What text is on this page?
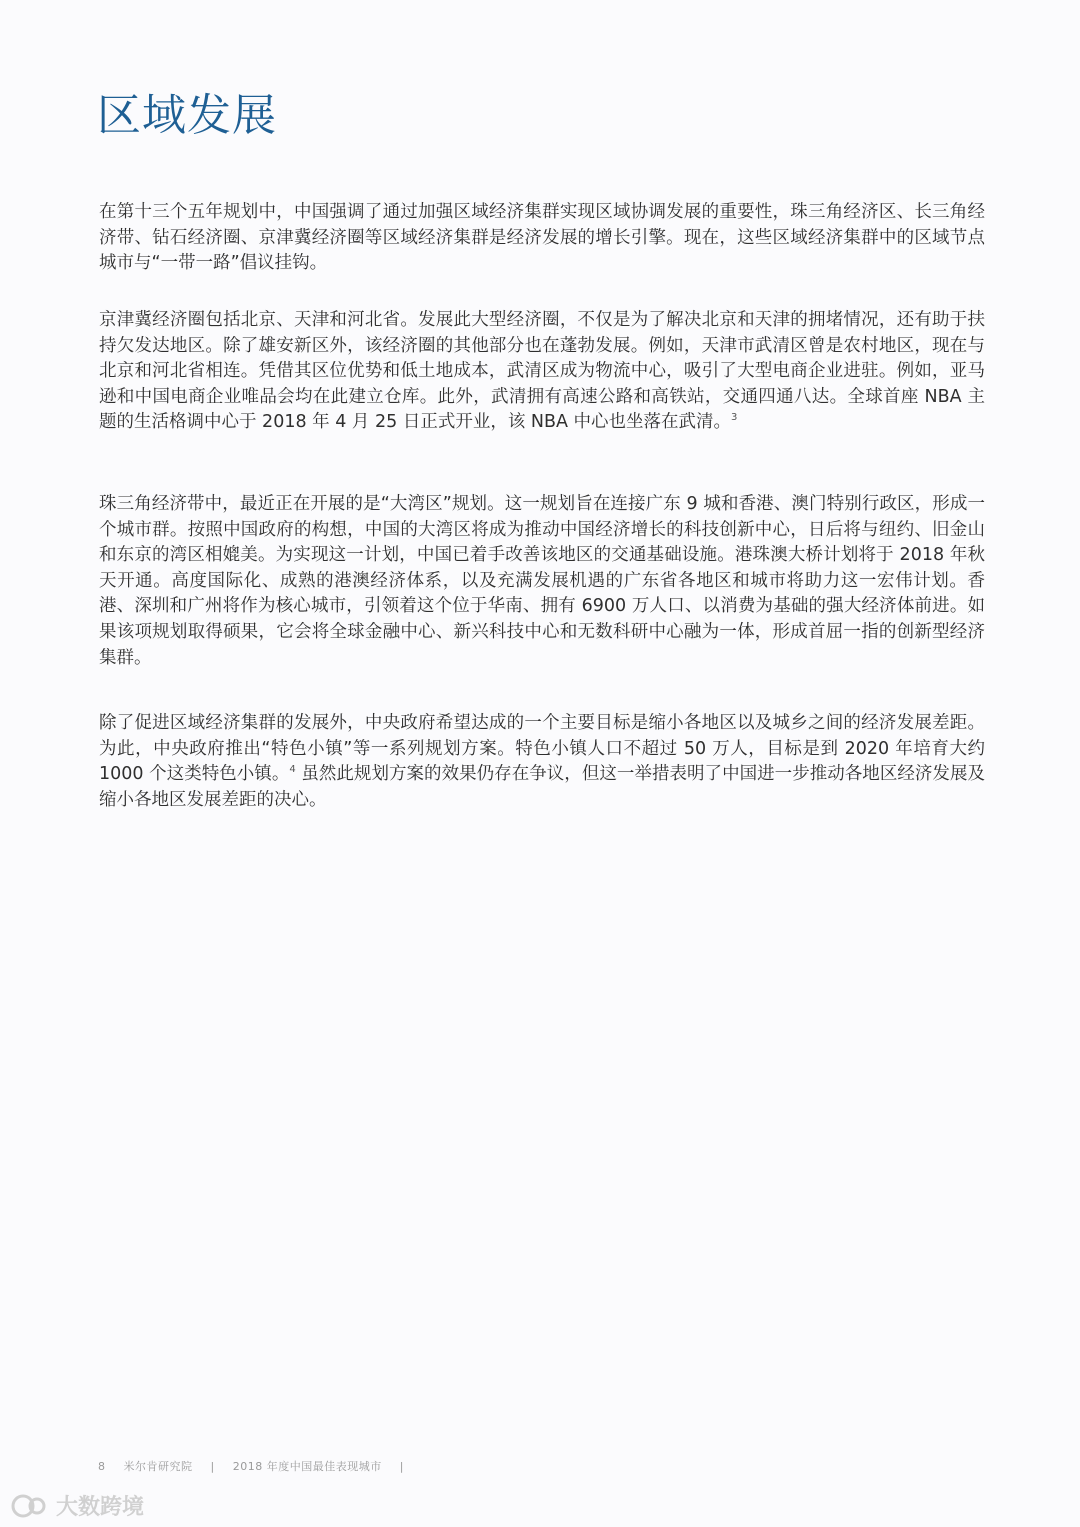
区域发展

在第十三个五年规划中，中国强调了通过加强区域经济集群实现区域协调发展的重要性，珠三角经济区、长三角经济带、钻石经济圈、京津冀经济圈等区域经济集群是经济发展的增长引擎。现在，这些区域经济集群中的区域节点城市与“一带一路”倡议挂钩。

京津冀经济圈包括北京、天津和河北省。发展此大型经济圈，不仅是为了解决北京和天津的拥堵情况，还有助于扶持欠发达地区。除了雄安新区外，该经济圈的其他部分也在蓬勃发展。例如，天津市武清区曾是农村地区，现在与北京和河北省相连。凭借其区位优势和低土地成本，武清区成为物流中心，吸引了大型电商企业进驻。例如，亚马逊和中国电商企业唯品会均在此建立仓库。此外，武清拥有高速公路和高铁站，交通四通八达。全球首座 NBA 主题的生活格调中心于 2018 年 4 月 25 日正式开业，该 NBA 中心也坐落在武清。$^3$

珠三角经济带中，最近正在开展的是“大湾区”规划。这一规划旨在连接广东 9 城和香港、澳门特别行政区，形成一个城市群。按照中国政府的构想，中国的大湾区将成为推动中国经济增长的科技创新中心，日后将与纽约、旧金山和东京的湾区相媲美。为实现这一计划，中国已着手改善该地区的交通基础设施。港珠澳大桥计划将于 2018 年秋天开通。高度国际化、成熟的港澳经济体系，以及充满发展机遇的广东省各地区和城市将助力这一宏伟计划。香港、深圳和广州将作为核心城市，引领着这个位于华南、拥有 6900 万人口、以消费为基础的强大经济体前进。如果该项规划取得硕果，它会将全球金融中心、新兴科技中心和无数科研中心融为一体，形成首屈一指的创新型经济集群。

除了促进区域经济集群的发展外，中央政府希望达成的一个主要目标是缩小各地区以及城乡之间的经济发展差距。为此，中央政府推出“特色小镇”等一系列规划方案。特色小镇人口不超过 50 万人，目标是到 2020 年培育大约 1000 个这类特色小镇。$^4$ 虽然此规划方案的效果仍存在争议，但这一举措表明了中国进一步推动各地区经济发展及缩小各地区发展差距的决心。

8 米尔肯研究院 | 2018 年度中国最佳表现城市 |
大数跨境
